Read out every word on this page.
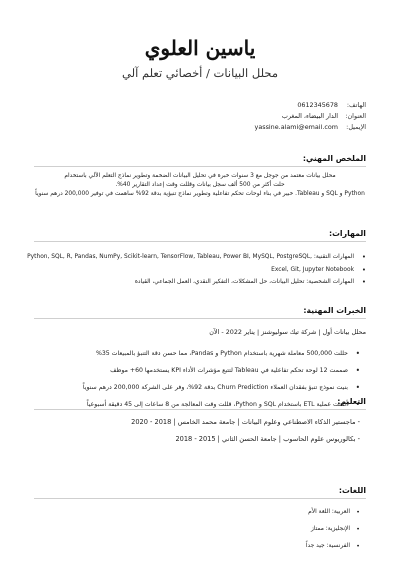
ياسين العلوي
محلل البيانات / أخصائي تعلم آلي
الهاتف:
0612345678
العنوان:
الدار البيضاء، المغرب
الإيميل:
yassine.alami@email.com
الملخص المهني:
محلل بيانات معتمد من جوجل مع 3 سنوات خبرة في تحليل البيانات الضخمة وتطوير نماذج التعلم الآلي باستخدام
حلت أكثر من 500 ألف سجل بيانات وقللت وقت إعداد التقارير 40%.
Python و SQL و Tableau. خبير في بناء لوحات تحكم تفاعلية وتطوير نماذج تنبؤية بدقة 92% ساهمت في توفير 200,000 درهم سنوياً
المهارات:
• المهارات التقنية: Python, SQL, R, Pandas, NumPy, Scikit-learn, TensorFlow, Tableau, Power BI, MySQL, PostgreSQL,
• Excel, Git, Jupyter Notebook
• المهارات الشخصية: تحليل البيانات، حل المشكلات، التفكير النقدي، العمل الجماعي، القيادة
الخبرات المهنية:
محلل بيانات أول | شركة تيك سوليوشنز | يناير 2022 - الآن
• حللت 500,000 معاملة شهرية باستخدام Python و Pandas، مما حسن دقة التنبؤ بالمبيعات 35%
• صممت 12 لوحة تحكم تفاعلية في Tableau لتتبع مؤشرات الأداء KPI يستخدمها 60+ موظف
• بنيت نموذج تنبؤ بفقدان العملاء Churn Prediction بدقة 92%، وفر على الشركة 200,000 درهم سنوياً
• أتمتت عملية ETL باستخدام SQL و Python، قللت وقت المعالجة من 8 ساعات إلى 45 دقيقة أسبوعياً
التعليم:
- ماجستير الذكاء الاصطناعي وعلوم البيانات | جامعة محمد الخامس | 2018 - 2020
- بكالوريوس علوم الحاسوب | جامعة الحسن الثاني | 2015 - 2018
اللغات:
• العربية: اللغة الأم
• الإنجليزية: ممتاز
• الفرنسية: جيد جداً
